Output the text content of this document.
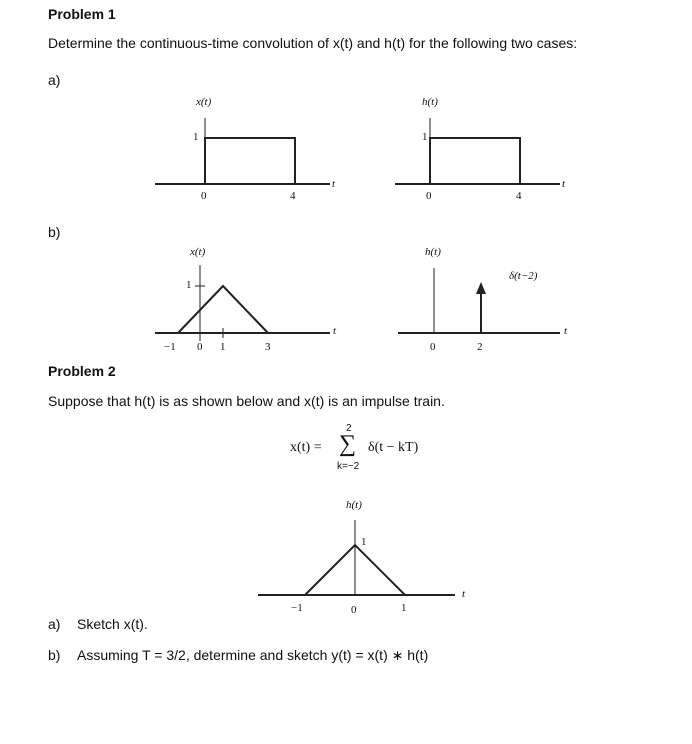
Problem 1
Determine the continuous-time convolution of x(t) and h(t) for the following two cases:
a)
b)
x(t)
1
0	4
t
h(t)
1
0	4
t
x(t)
1
−1 0 1	3
t
h(t)
δ(t−2)
0	2
t
Problem 2
Suppose that h(t) is as shown below and x(t) is an impulse train.
x(t) =
2
∑
k=−2
δ(t − kT)
h(t)
1
−1	0	1
t
a) Sketch x(t).
b) Assuming T = 3/2, determine and sketch y(t) = x(t) ∗ h(t)
